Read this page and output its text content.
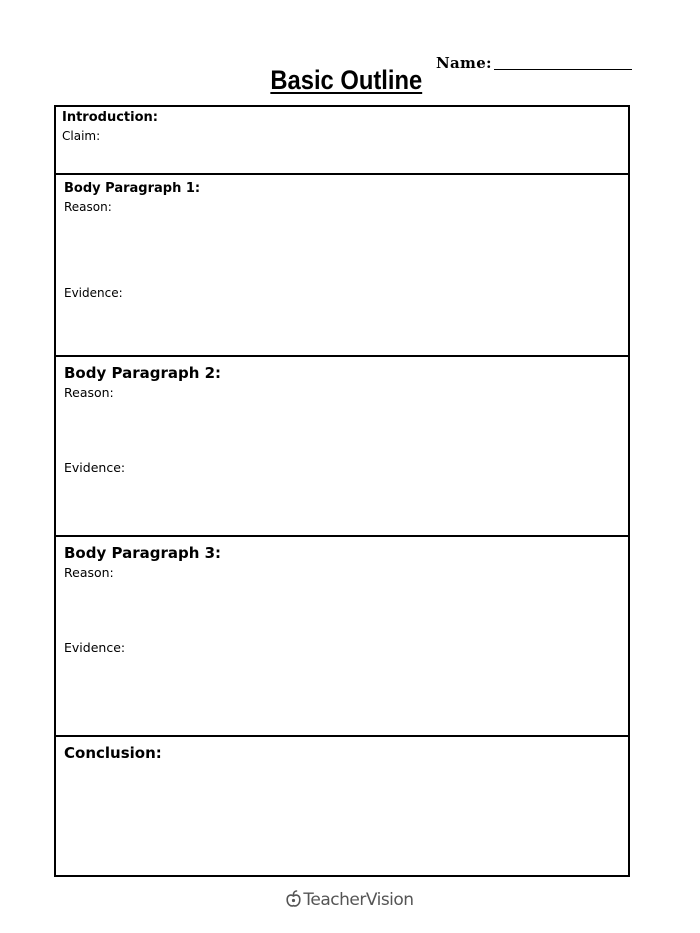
Name:
Basic Outline
Introduction:
Claim:
Body Paragraph 1:
Reason:
Evidence:
Body Paragraph 2:
Reason:
Evidence:
Body Paragraph 3:
Reason:
Evidence:
Conclusion:
TeacherVision
